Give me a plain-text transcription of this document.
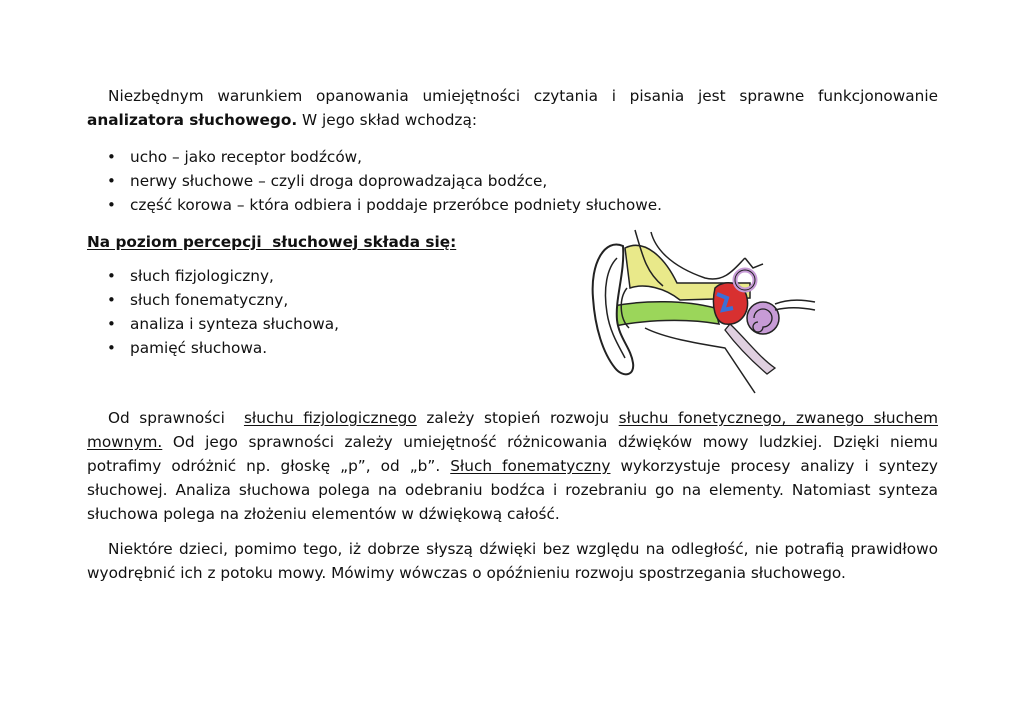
Niezbędnym warunkiem opanowania umiejętności czytania i pisania jest sprawne funkcjonowanie analizatora słuchowego. W jego skład wchodzą:

• ucho – jako receptor bodźców,
• nerwy słuchowe – czyli droga doprowadzająca bodźce,
• część korowa – która odbiera i poddaje przeróbce podniety słuchowe.
Na poziom percepcji  słuchowej składa się:
• słuch fizjologiczny,
• słuch fonematyczny,
• analiza i synteza słuchowa,
• pamięć słuchowa.

Od sprawności  słuchu fizjologicznego zależy stopień rozwoju słuchu fonetycznego, zwanego słuchem mownym. Od jego sprawności zależy umiejętność różnicowania dźwięków mowy ludzkiej. Dzięki niemu potrafimy odróżnić np. głoskę „p”, od „b”. Słuch fonematyczny wykorzystuje procesy analizy i syntezy słuchowej. Analiza słuchowa polega na odebraniu bodźca i rozebraniu go na elementy. Natomiast synteza słuchowa polega na złożeniu elementów w dźwiękową całość.

Niektóre dzieci, pomimo tego, iż dobrze słyszą dźwięki bez względu na odległość, nie potrafią prawidłowo wyodrębnić ich z potoku mowy. Mówimy wówczas o opóźnieniu rozwoju spostrzegania słuchowego.
